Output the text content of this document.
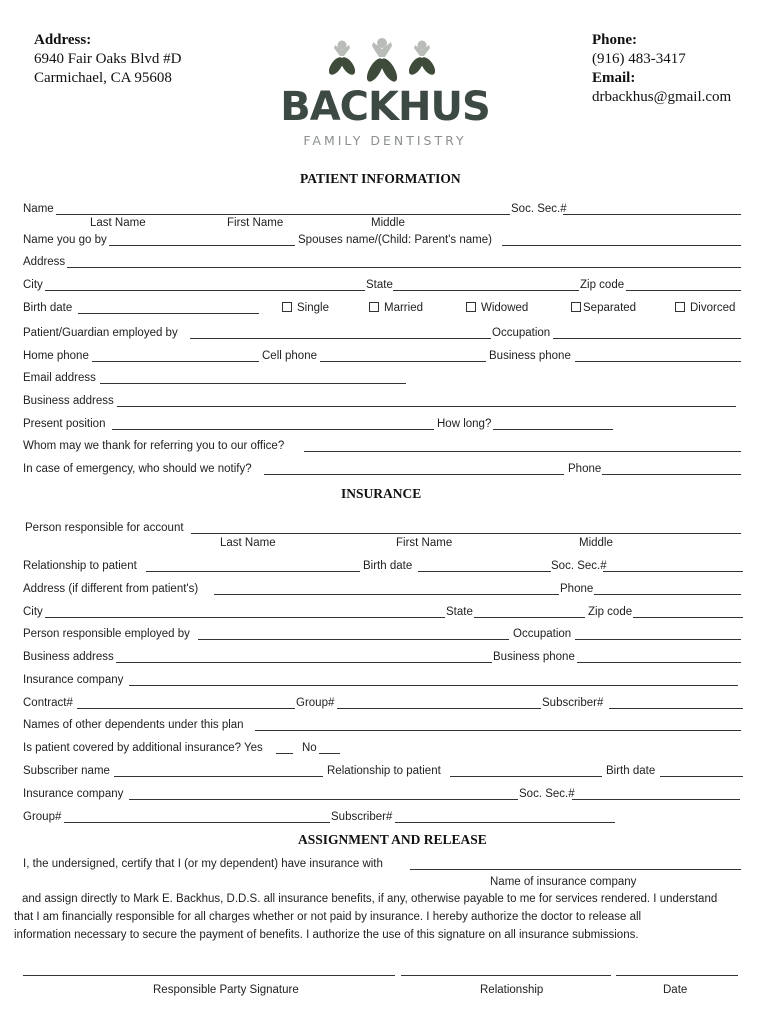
Address:
6940 Fair Oaks Blvd #D
Carmichael, CA 95608
Phone:
(916) 483-3417
Email:
drbackhus@gmail.com
BACKHUS
FAMILY DENTISTRY
PATIENT INFORMATION
Name	Soc. Sec.#
Last Name	First Name	Middle
Name you go by	Spouses name/(Child: Parent's name)
Address
City	State	Zip code
Birth date	Single	Married	Widowed	Separated	Divorced
Patient/Guardian employed by	Occupation
Home phone	Cell phone	Business phone
Email address
Business address
Present position	How long?
Whom may we thank for referring you to our office?
In case of emergency, who should we notify?	Phone
INSURANCE
Person responsible for account
Last Name	First Name	Middle
Relationship to patient	Birth date	Soc. Sec.#
Address (if different from patient's)	Phone
City	State	Zip code
Person responsible employed by	Occupation
Business address	Business phone
Insurance company
Contract#	Group#	Subscriber#
Names of other dependents under this plan
Is patient covered by additional insurance? Yes	No
Subscriber name	Relationship to patient	Birth date
Insurance company	Soc. Sec.#
Group#	Subscriber#
ASSIGNMENT AND RELEASE
I, the undersigned, certify that I (or my dependent) have insurance with
Name of insurance company
and assign directly to Mark E. Backhus, D.D.S. all insurance benefits, if any, otherwise payable to me for services rendered. I understand
that I am financially responsible for all charges whether or not paid by insurance. I hereby authorize the doctor to release all
information necessary to secure the payment of benefits. I authorize the use of this signature on all insurance submissions.
Responsible Party Signature	Relationship	Date
